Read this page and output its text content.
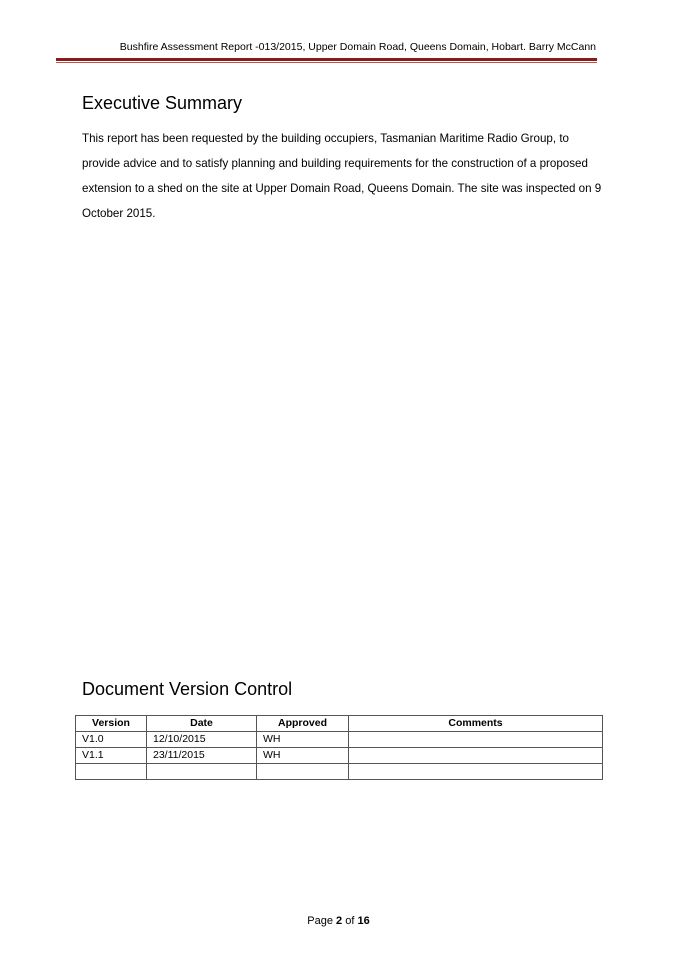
Bushfire Assessment Report -013/2015, Upper Domain Road, Queens Domain, Hobart. Barry McCann
Executive Summary

This report has been requested by the building occupiers, Tasmanian Maritime Radio Group, to provide advice and to satisfy planning and building requirements for the construction of a proposed extension to a shed on the site at Upper Domain Road, Queens Domain. The site was inspected on 9 October 2015.

Document Version Control
Version	Date	Approved	Comments
V1.0	12/10/2015	WH	
V1.1	23/11/2015	WH	

Page 2 of 16
